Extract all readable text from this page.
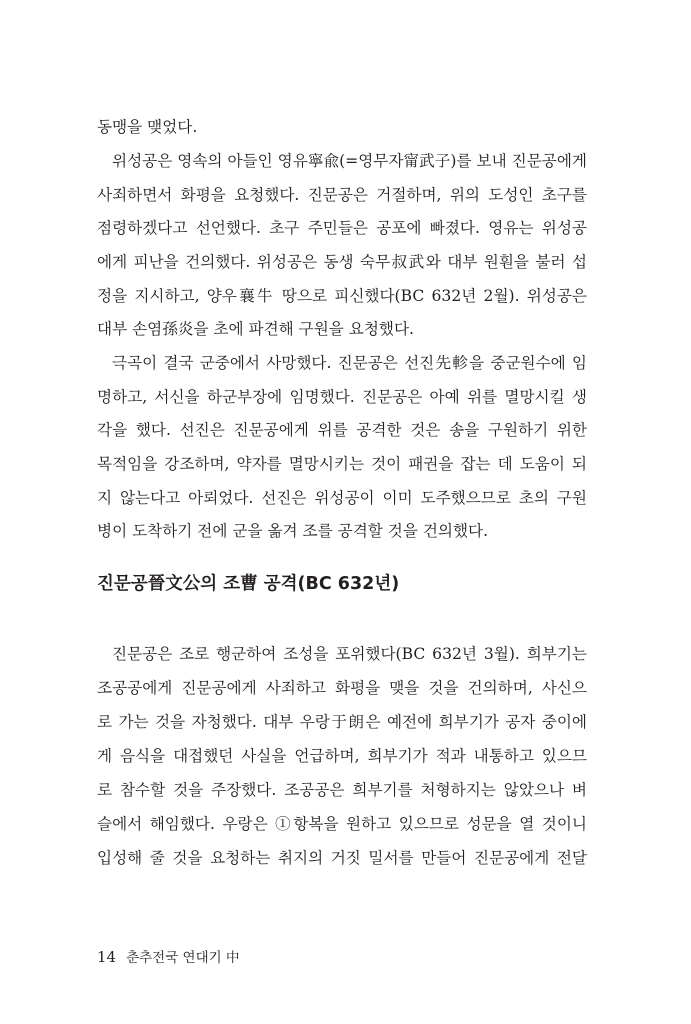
동맹을 맺었다.
위성공은 영속의 아들인 영유寧兪(=영무자甯武子)를 보내 진문공에게
사죄하면서 화평을 요청했다. 진문공은 거절하며, 위의 도성인 초구를
점령하겠다고 선언했다. 초구 주민들은 공포에 빠졌다. 영유는 위성공
에게 피난을 건의했다. 위성공은 동생 숙무叔武와 대부 원훤을 불러 섭
정을 지시하고, 양우襄牛 땅으로 피신했다(BC 632년 2월). 위성공은
대부 손염孫炎을 초에 파견해 구원을 요청했다.
극곡이 결국 군중에서 사망했다. 진문공은 선진先軫을 중군원수에 임
명하고, 서신을 하군부장에 임명했다. 진문공은 아예 위를 멸망시킬 생
각을 했다. 선진은 진문공에게 위를 공격한 것은 송을 구원하기 위한
목적임을 강조하며, 약자를 멸망시키는 것이 패권을 잡는 데 도움이 되
지 않는다고 아뢰었다. 선진은 위성공이 이미 도주했으므로 초의 구원
병이 도착하기 전에 군을 옮겨 조를 공격할 것을 건의했다.
진문공晉文公의 조曹 공격(BC 632년)
진문공은 조로 행군하여 조성을 포위했다(BC 632년 3월). 희부기는
조공공에게 진문공에게 사죄하고 화평을 맺을 것을 건의하며, 사신으
로 가는 것을 자청했다. 대부 우랑于朗은 예전에 희부기가 공자 중이에
게 음식을 대접했던 사실을 언급하며, 희부기가 적과 내통하고 있으므
로 참수할 것을 주장했다. 조공공은 희부기를 처형하지는 않았으나 벼
슬에서 해임했다. 우랑은 ①항복을 원하고 있으므로 성문을 열 것이니
입성해 줄 것을 요청하는 취지의 거짓 밀서를 만들어 진문공에게 전달
14 춘추전국 연대기 中
